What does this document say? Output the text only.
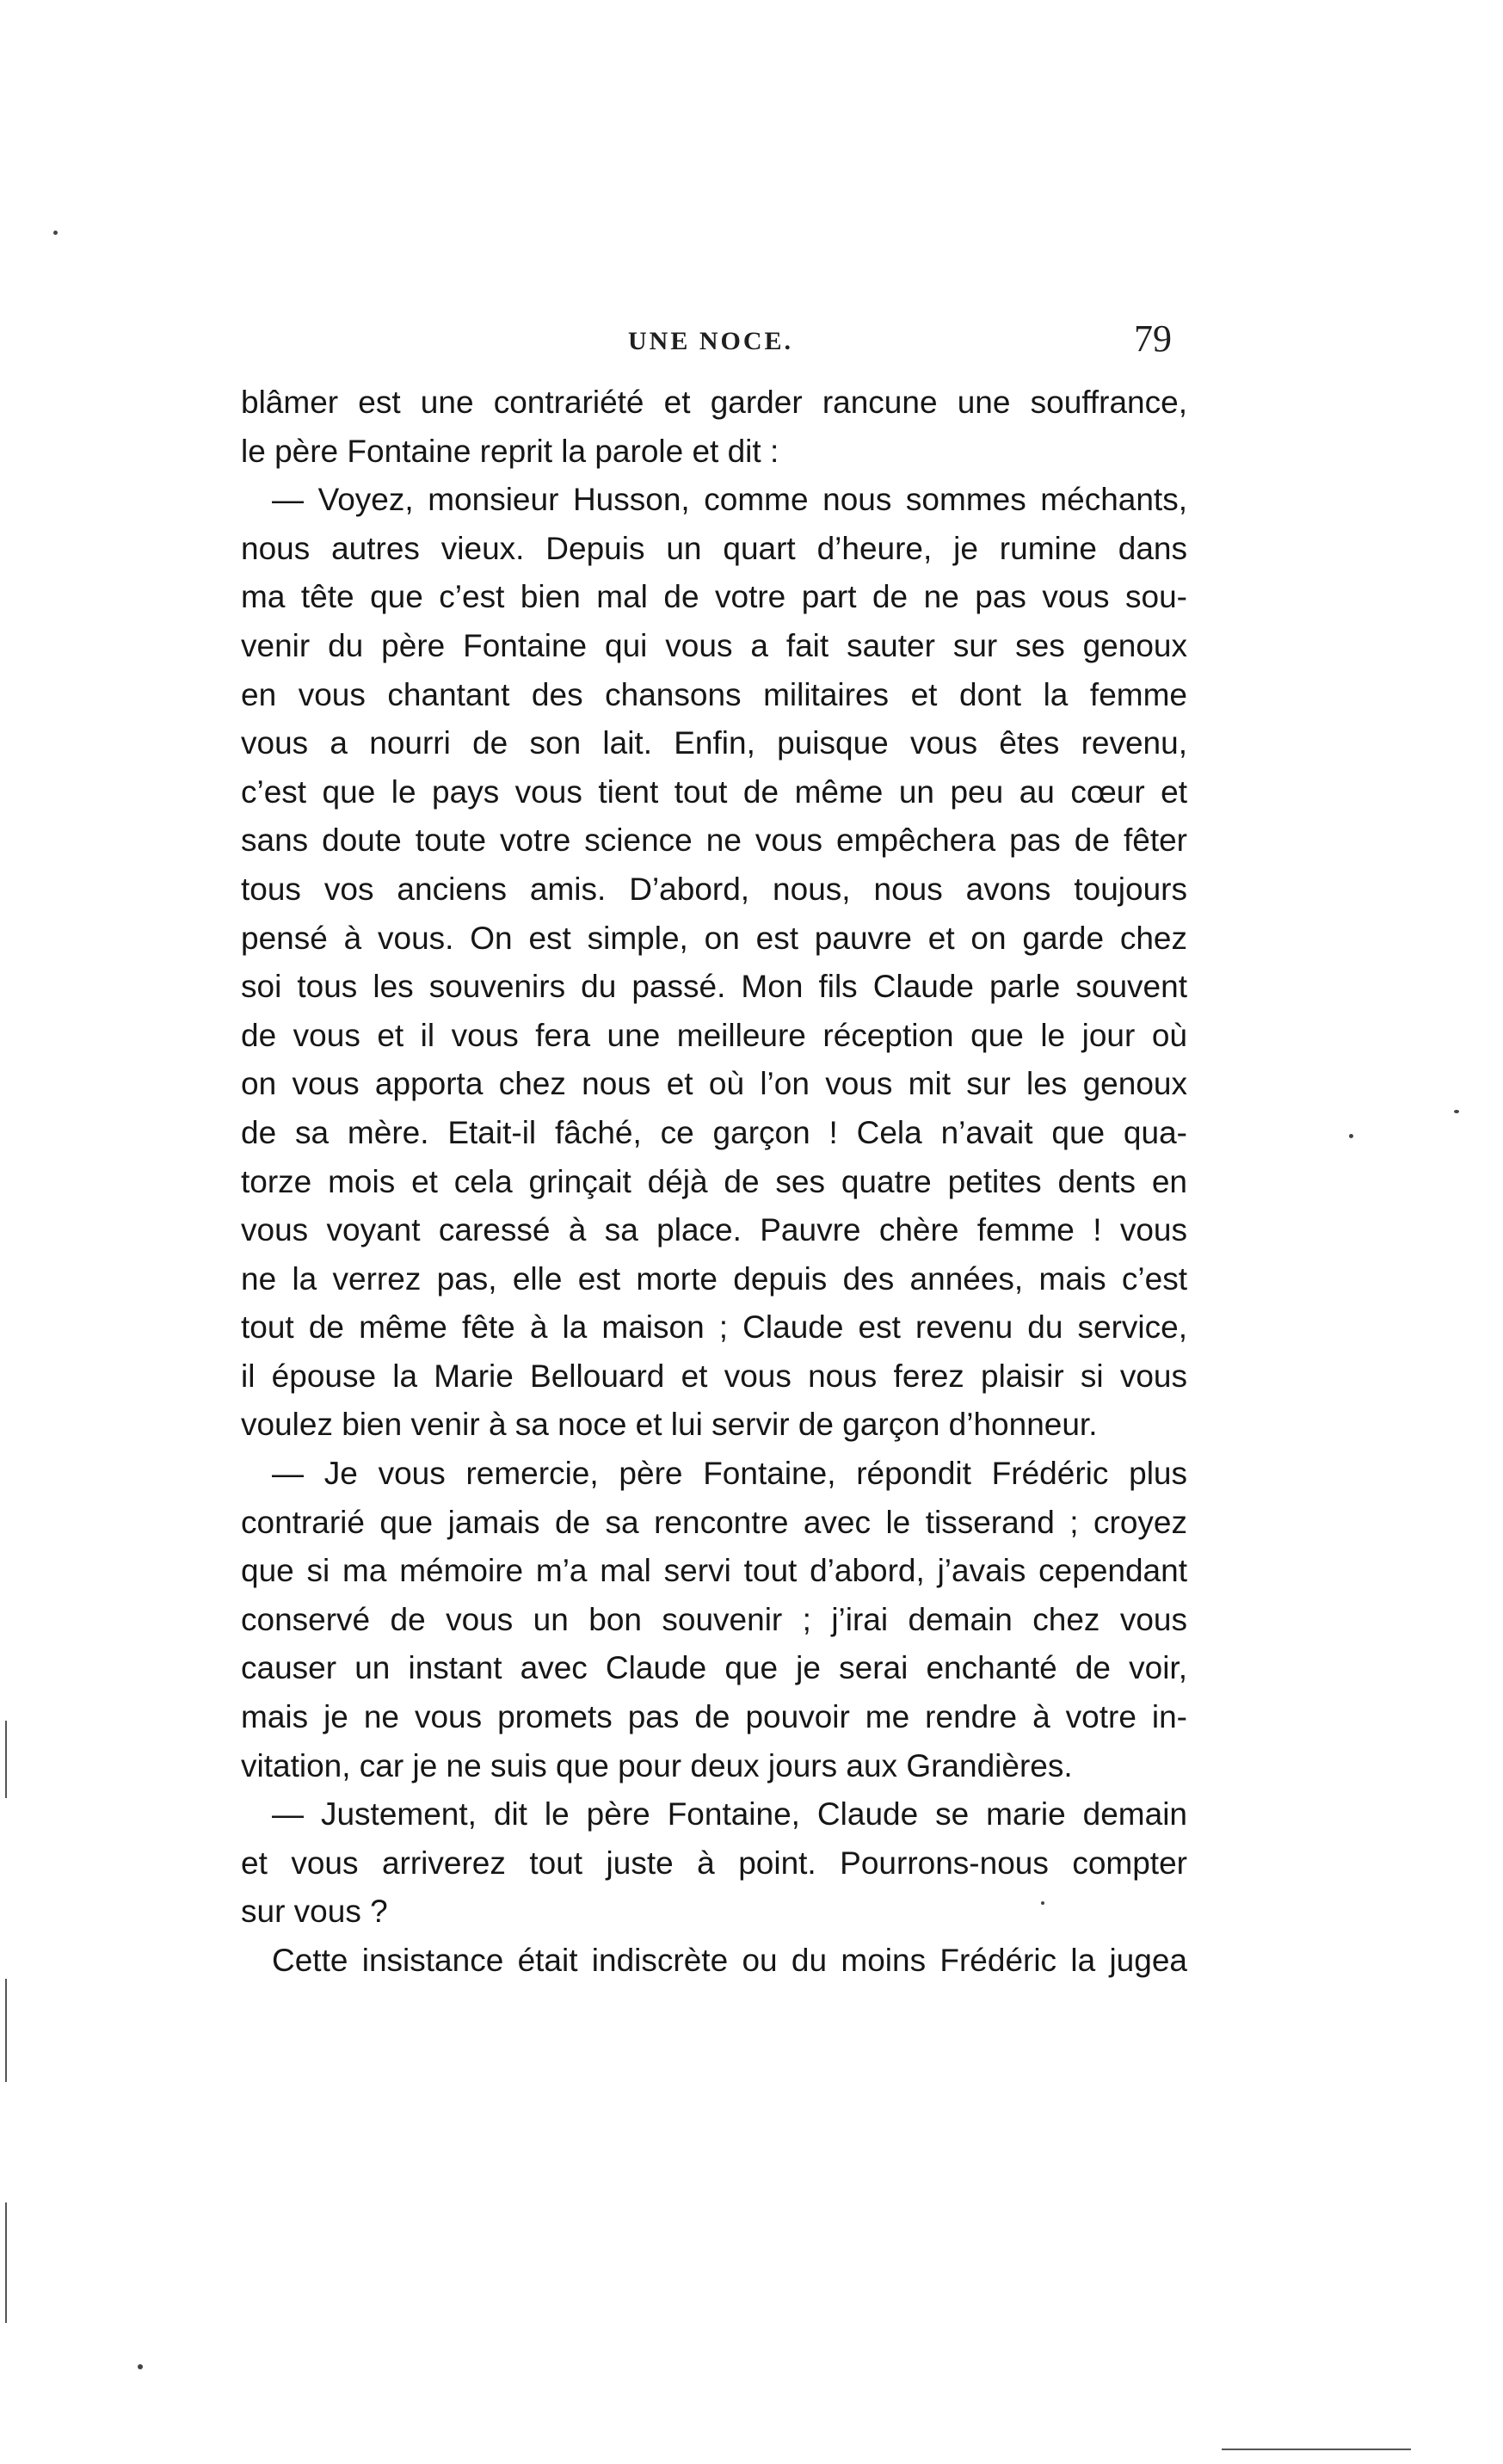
UNE NOCE.	79
blâmer est une contrariété et garder rancune une souffrance,
le père Fontaine reprit la parole et dit :
— Voyez, monsieur Husson, comme nous sommes méchants,
nous autres vieux. Depuis un quart d’heure, je rumine dans
ma tête que c’est bien mal de votre part de ne pas vous sou-
venir du père Fontaine qui vous a fait sauter sur ses genoux
en vous chantant des chansons militaires et dont la femme
vous a nourri de son lait. Enfin, puisque vous êtes revenu,
c’est que le pays vous tient tout de même un peu au cœur et
sans doute toute votre science ne vous empêchera pas de fêter
tous vos anciens amis. D’abord, nous, nous avons toujours
pensé à vous. On est simple, on est pauvre et on garde chez
soi tous les souvenirs du passé. Mon fils Claude parle souvent
de vous et il vous fera une meilleure réception que le jour où
on vous apporta chez nous et où l’on vous mit sur les genoux
de sa mère. Etait-il fâché, ce garçon ! Cela n’avait que qua-
torze mois et cela grinçait déjà de ses quatre petites dents en
vous voyant caressé à sa place. Pauvre chère femme ! vous
ne la verrez pas, elle est morte depuis des années, mais c’est
tout de même fête à la maison ; Claude est revenu du service,
il épouse la Marie Bellouard et vous nous ferez plaisir si vous
voulez bien venir à sa noce et lui servir de garçon d’honneur.
— Je vous remercie, père Fontaine, répondit Frédéric plus
contrarié que jamais de sa rencontre avec le tisserand ; croyez
que si ma mémoire m’a mal servi tout d’abord, j’avais cependant
conservé de vous un bon souvenir ; j’irai demain chez vous
causer un instant avec Claude que je serai enchanté de voir,
mais je ne vous promets pas de pouvoir me rendre à votre in-
vitation, car je ne suis que pour deux jours aux Grandières.
— Justement, dit le père Fontaine, Claude se marie demain
et vous arriverez tout juste à point. Pourrons-nous compter
sur vous ?
Cette insistance était indiscrète ou du moins Frédéric la jugea
